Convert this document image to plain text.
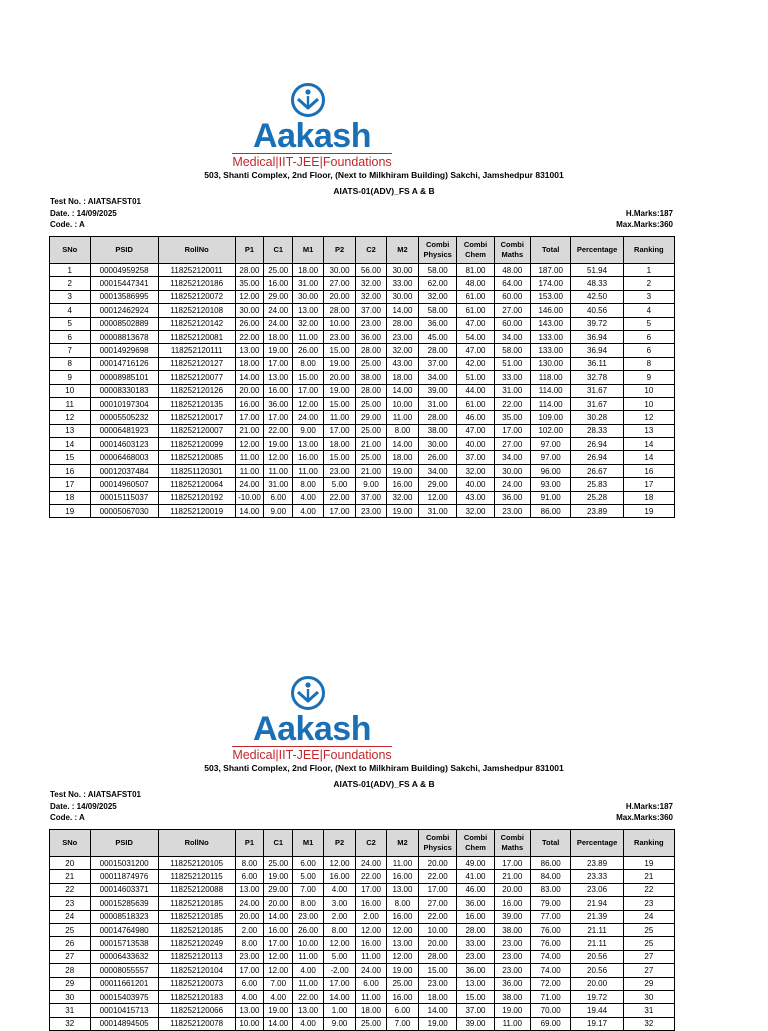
Aakash
Medical|IIT-JEE|Foundations
503, Shanti Complex, 2nd Floor, (Next to Milkhiram Building) Sakchi, Jamshedpur 831001
AIATS-01(ADV)_FS A & B
Test No. : AIATSAFST01
Date. : 14/09/2025	H.Marks:187
Code. : A	Max.Marks:360
SNo	PSID	RollNo	P1	C1	M1	P2	C2	M2	Combi Physics	Combi Chem	Combi Maths	Total	Percentage	Ranking
1	00004959258	118252120011	28.00	25.00	18.00	30.00	56.00	30.00	58.00	81.00	48.00	187.00	51.94	1
2	00015447341	118252120186	35.00	16.00	31.00	27.00	32.00	33.00	62.00	48.00	64.00	174.00	48.33	2
3	00013586995	118252120072	12.00	29.00	30.00	20.00	32.00	30.00	32.00	61.00	60.00	153.00	42.50	3
4	00012462924	118252120108	30.00	24.00	13.00	28.00	37.00	14.00	58.00	61.00	27.00	146.00	40.56	4
5	00008502889	118252120142	26.00	24.00	32.00	10.00	23.00	28.00	36.00	47.00	60.00	143.00	39.72	5
6	00008813678	118252120081	22.00	18.00	11.00	23.00	36.00	23.00	45.00	54.00	34.00	133.00	36.94	6
7	00014929698	118252120111	13.00	19.00	26.00	15.00	28.00	32.00	28.00	47.00	58.00	133.00	36.94	6
8	00014716126	118252120127	18.00	17.00	8.00	19.00	25.00	43.00	37.00	42.00	51.00	130.00	36.11	8
9	00008985101	118252120077	14.00	13.00	15.00	20.00	38.00	18.00	34.00	51.00	33.00	118.00	32.78	9
10	00008330183	118252120126	20.00	16.00	17.00	19.00	28.00	14.00	39.00	44.00	31.00	114.00	31.67	10
11	00010197304	118252120135	16.00	36.00	12.00	15.00	25.00	10.00	31.00	61.00	22.00	114.00	31.67	10
12	00005505232	118252120017	17.00	17.00	24.00	11.00	29.00	11.00	28.00	46.00	35.00	109.00	30.28	12
13	00006481923	118252120007	21.00	22.00	9.00	17.00	25.00	8.00	38.00	47.00	17.00	102.00	28.33	13
14	00014603123	118252120099	12.00	19.00	13.00	18.00	21.00	14.00	30.00	40.00	27.00	97.00	26.94	14
15	00006468003	118252120085	11.00	12.00	16.00	15.00	25.00	18.00	26.00	37.00	34.00	97.00	26.94	14
16	00012037484	118251120301	11.00	11.00	11.00	23.00	21.00	19.00	34.00	32.00	30.00	96.00	26.67	16
17	00014960507	118252120064	24.00	31.00	8.00	5.00	9.00	16.00	29.00	40.00	24.00	93.00	25.83	17
18	00015115037	118252120192	-10.00	6.00	4.00	22.00	37.00	32.00	12.00	43.00	36.00	91.00	25.28	18
19	00005067030	118252120019	14.00	9.00	4.00	17.00	23.00	19.00	31.00	32.00	23.00	86.00	23.89	19
Aakash
Medical|IIT-JEE|Foundations
503, Shanti Complex, 2nd Floor, (Next to Milkhiram Building) Sakchi, Jamshedpur 831001
AIATS-01(ADV)_FS A & B
Test No. : AIATSAFST01
Date. : 14/09/2025	H.Marks:187
Code. : A	Max.Marks:360
SNo	PSID	RollNo	P1	C1	M1	P2	C2	M2	Combi Physics	Combi Chem	Combi Maths	Total	Percentage	Ranking
20	00015031200	118252120105	8.00	25.00	6.00	12.00	24.00	11.00	20.00	49.00	17.00	86.00	23.89	19
21	00011874976	118252120115	6.00	19.00	5.00	16.00	22.00	16.00	22.00	41.00	21.00	84.00	23.33	21
22	00014603371	118252120088	13.00	29.00	7.00	4.00	17.00	13.00	17.00	46.00	20.00	83.00	23.06	22
23	00015285639	118252120185	24.00	20.00	8.00	3.00	16.00	8.00	27.00	36.00	16.00	79.00	21.94	23
24	00008518323	118252120185	20.00	14.00	23.00	2.00	2.00	16.00	22.00	16.00	39.00	77.00	21.39	24
25	00014764980	118252120185	2.00	16.00	26.00	8.00	12.00	12.00	10.00	28.00	38.00	76.00	21.11	25
26	00015713538	118252120249	8.00	17.00	10.00	12.00	16.00	13.00	20.00	33.00	23.00	76.00	21.11	25
27	00006433632	118252120113	23.00	12.00	11.00	5.00	11.00	12.00	28.00	23.00	23.00	74.00	20.56	27
28	00008055557	118252120104	17.00	12.00	4.00	-2.00	24.00	19.00	15.00	36.00	23.00	74.00	20.56	27
29	00011661201	118252120073	6.00	7.00	11.00	17.00	6.00	25.00	23.00	13.00	36.00	72.00	20.00	29
30	00015403975	118252120183	4.00	4.00	22.00	14.00	11.00	16.00	18.00	15.00	38.00	71.00	19.72	30
31	00010415713	118252120066	13.00	19.00	13.00	1.00	18.00	6.00	14.00	37.00	19.00	70.00	19.44	31
32	00014894505	118252120078	10.00	14.00	4.00	9.00	25.00	7.00	19.00	39.00	11.00	69.00	19.17	32
